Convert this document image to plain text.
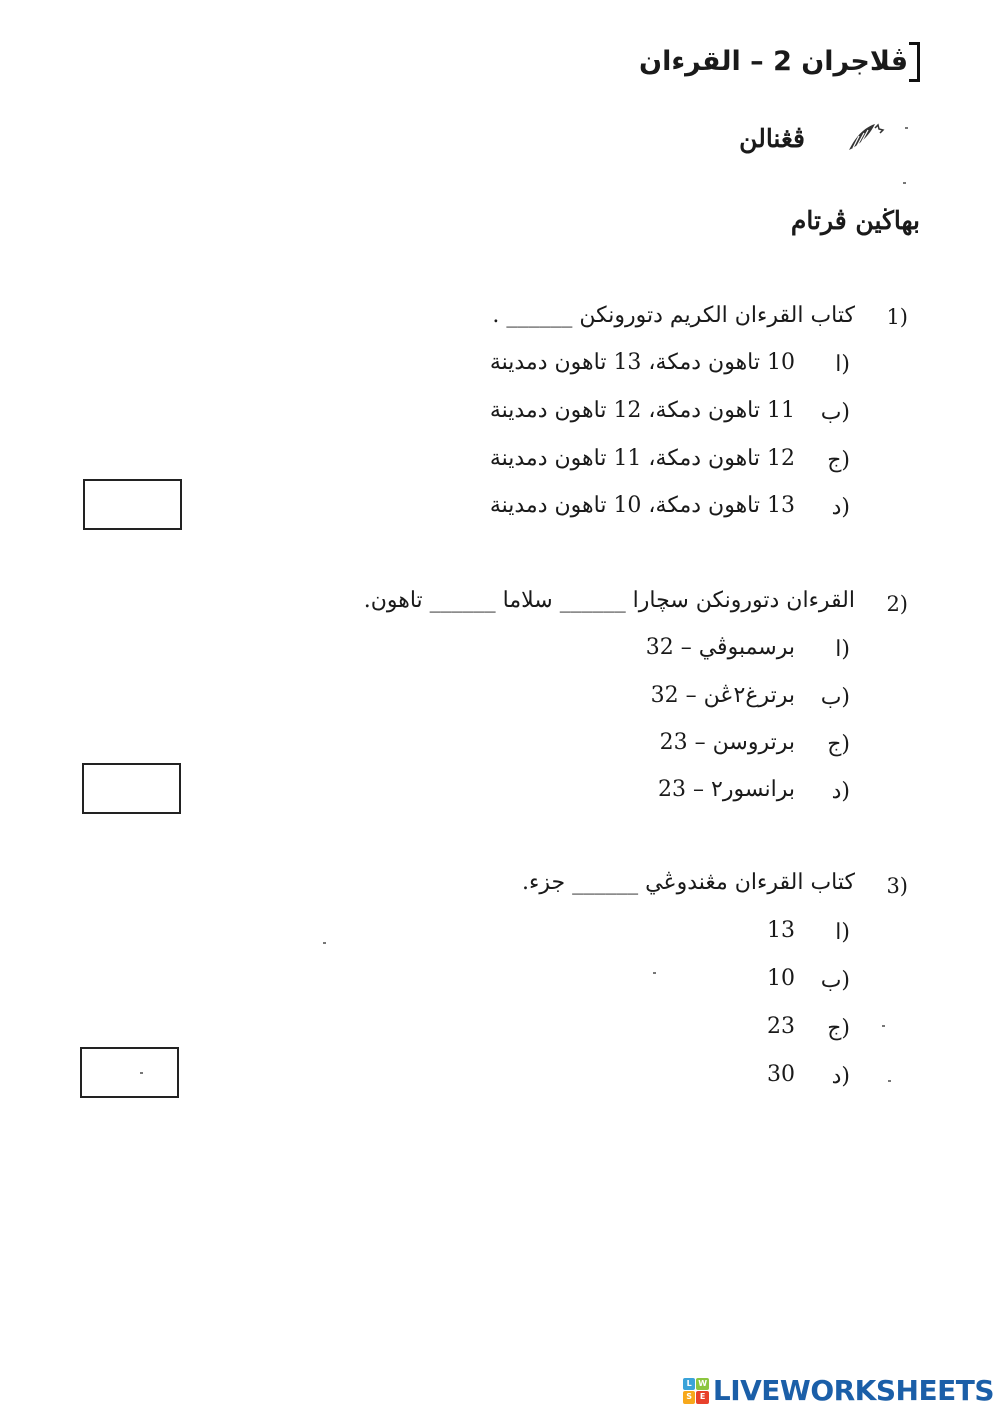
ڤلاجران 2 – القرءان
ڤڠنالن
بهاڬين ڤرتام
1)
كتاب القرءان الكريم دتورونكن ______ .
ا)
10 تاهون دمكة، 13 تاهون دمدينة
ب)
11 تاهون دمكة، 12 تاهون دمدينة
ج)
12 تاهون دمكة، 11 تاهون دمدينة
د)
13 تاهون دمكة، 10 تاهون دمدينة
2)
القرءان دتورونكن سچارا ______ سلاما ______ تاهون.
ا)
برسمبوڤي – 32
ب)
برترغ٢ڠن – 32
ج)
برتروسن – 23
د)
برانسور٢ – 23
3)
كتاب القرءان مڠندوڠي ______ جزء.
ا)
13
ب)
10
ج)
23
د)
30
L W
S E LIVEWORKSHEETS
